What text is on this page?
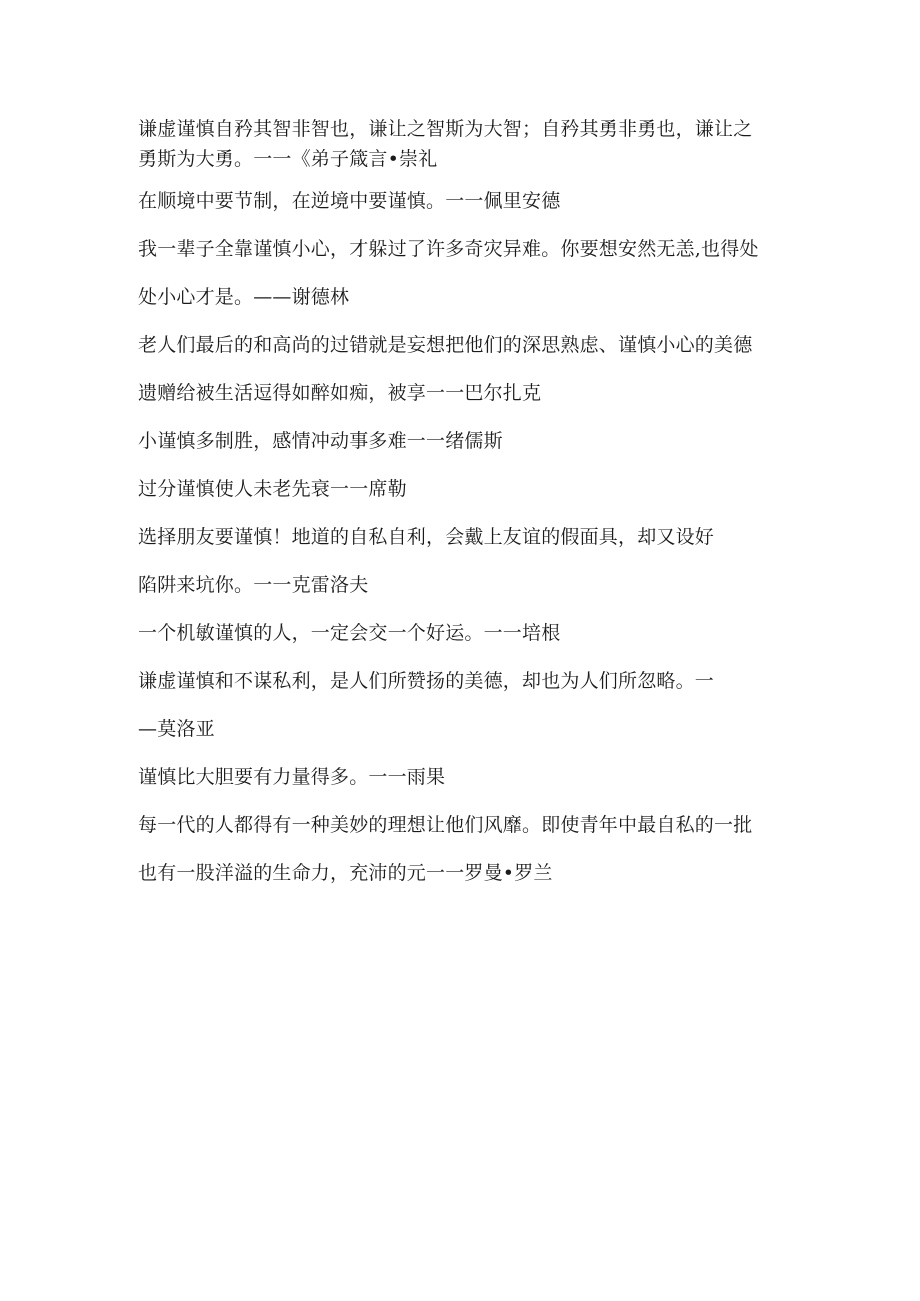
谦虚谨慎自矜其智非智也，谦让之智斯为大智；自矜其勇非勇也，谦让之
勇斯为大勇。一一《弟子箴言•崇礼
在顺境中要节制，在逆境中要谨慎。一一佩里安德
我一辈子全靠谨慎小心，才躲过了许多奇灾异难。你要想安然无恙,也得处
处小心才是。——谢德林
老人们最后的和高尚的过错就是妄想把他们的深思熟虑、谨慎小心的美德
遗赠给被生活逗得如醉如痴，被享一一巴尔扎克
小谨慎多制胜，感情冲动事多难一一绪儒斯
过分谨慎使人未老先衰一一席勒
选择朋友要谨慎！地道的自私自利，会戴上友谊的假面具，却又设好
陷阱来坑你。一一克雷洛夫
一个机敏谨慎的人，一定会交一个好运。一一培根
谦虚谨慎和不谋私利，是人们所赞扬的美德，却也为人们所忽略。一
—莫洛亚
谨慎比大胆要有力量得多。一一雨果
每一代的人都得有一种美妙的理想让他们风靡。即使青年中最自私的一批
也有一股洋溢的生命力，充沛的元一一罗曼•罗兰
